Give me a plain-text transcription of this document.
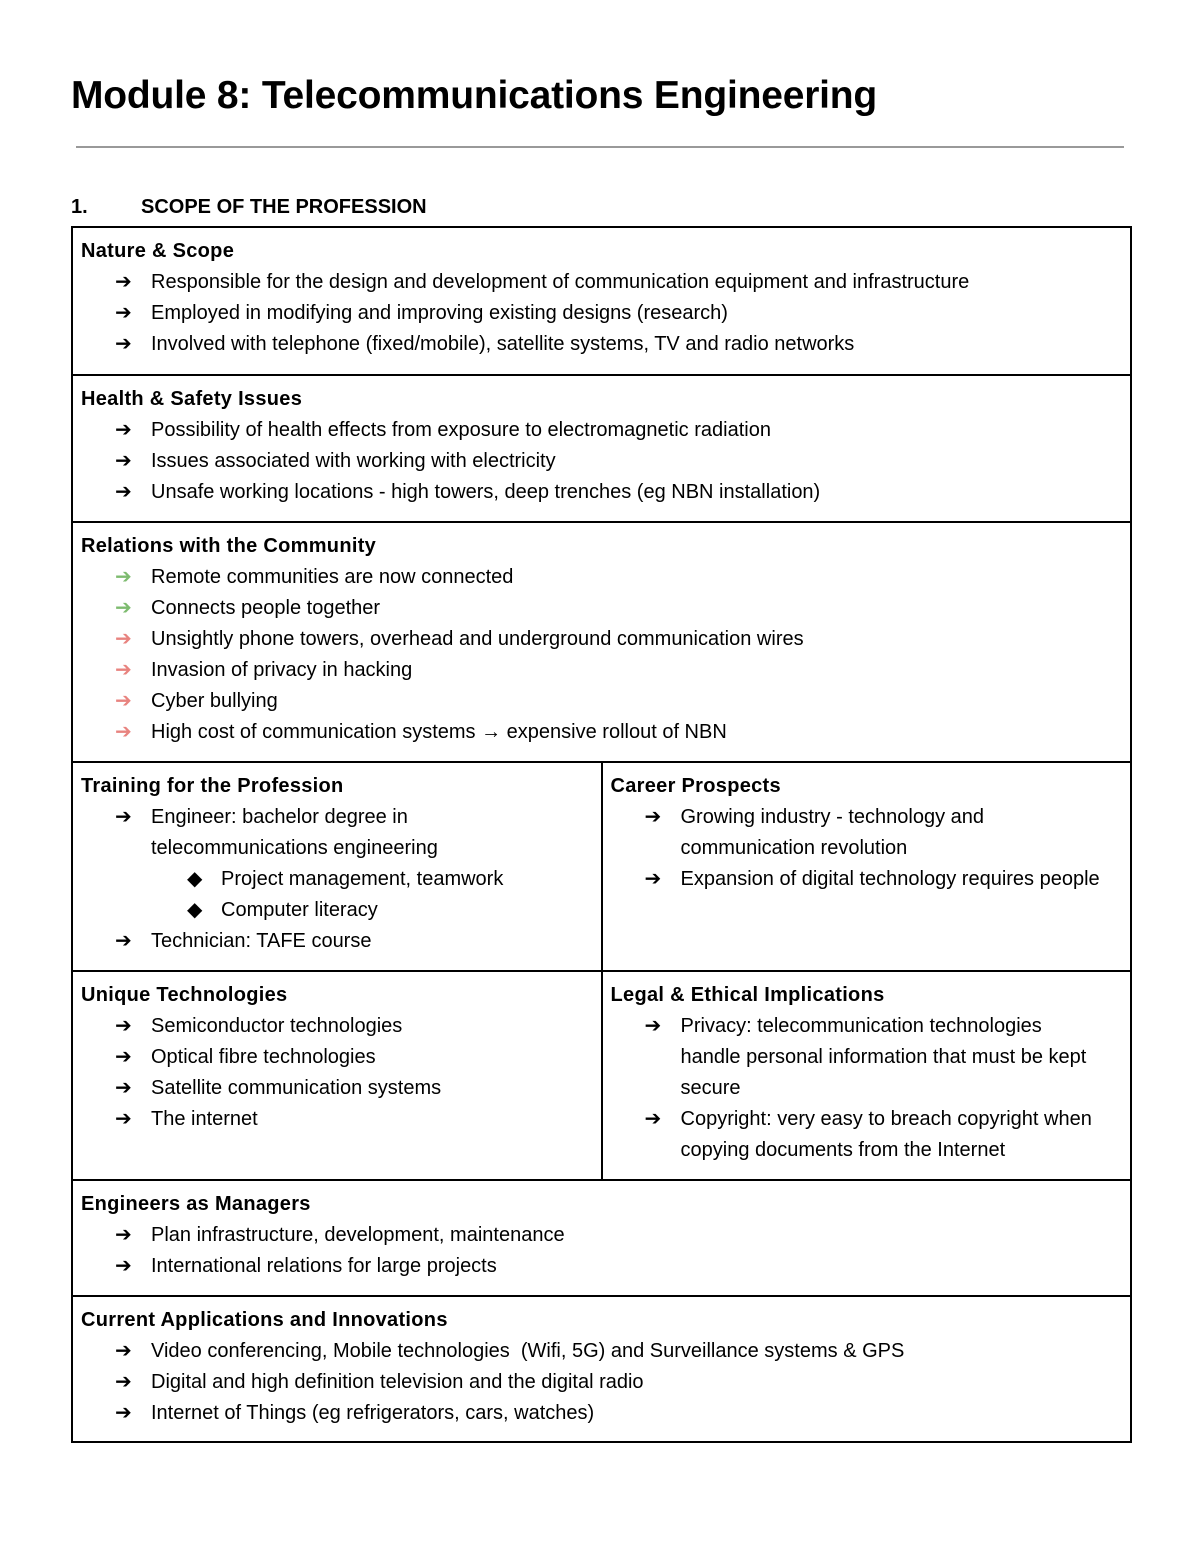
Module 8: Telecommunications Engineering
1.	SCOPE OF THE PROFESSION
Nature & Scope
➔ Responsible for the design and development of communication equipment and infrastructure
➔ Employed in modifying and improving existing designs (research)
➔ Involved with telephone (fixed/mobile), satellite systems, TV and radio networks
Health & Safety Issues
➔ Possibility of health effects from exposure to electromagnetic radiation
➔ Issues associated with working with electricity
➔ Unsafe working locations - high towers, deep trenches (eg NBN installation)
Relations with the Community
➔ Remote communities are now connected
➔ Connects people together
➔ Unsightly phone towers, overhead and underground communication wires
➔ Invasion of privacy in hacking
➔ Cyber bullying
➔ High cost of communication systems → expensive rollout of NBN
Training for the Profession
➔ Engineer: bachelor degree in
telecommunications engineering
◆ Project management, teamwork
◆ Computer literacy
➔ Technician: TAFE course
Career Prospects
➔ Growing industry - technology and
communication revolution
➔ Expansion of digital technology requires people
Unique Technologies
➔ Semiconductor technologies
➔ Optical fibre technologies
➔ Satellite communication systems
➔ The internet
Legal & Ethical Implications
➔ Privacy: telecommunication technologies
handle personal information that must be kept
secure
➔ Copyright: very easy to breach copyright when
copying documents from the Internet
Engineers as Managers
➔ Plan infrastructure, development, maintenance
➔ International relations for large projects
Current Applications and Innovations
➔ Video conferencing, Mobile technologies  (Wifi, 5G) and Surveillance systems & GPS
➔ Digital and high definition television and the digital radio
➔ Internet of Things (eg refrigerators, cars, watches)
